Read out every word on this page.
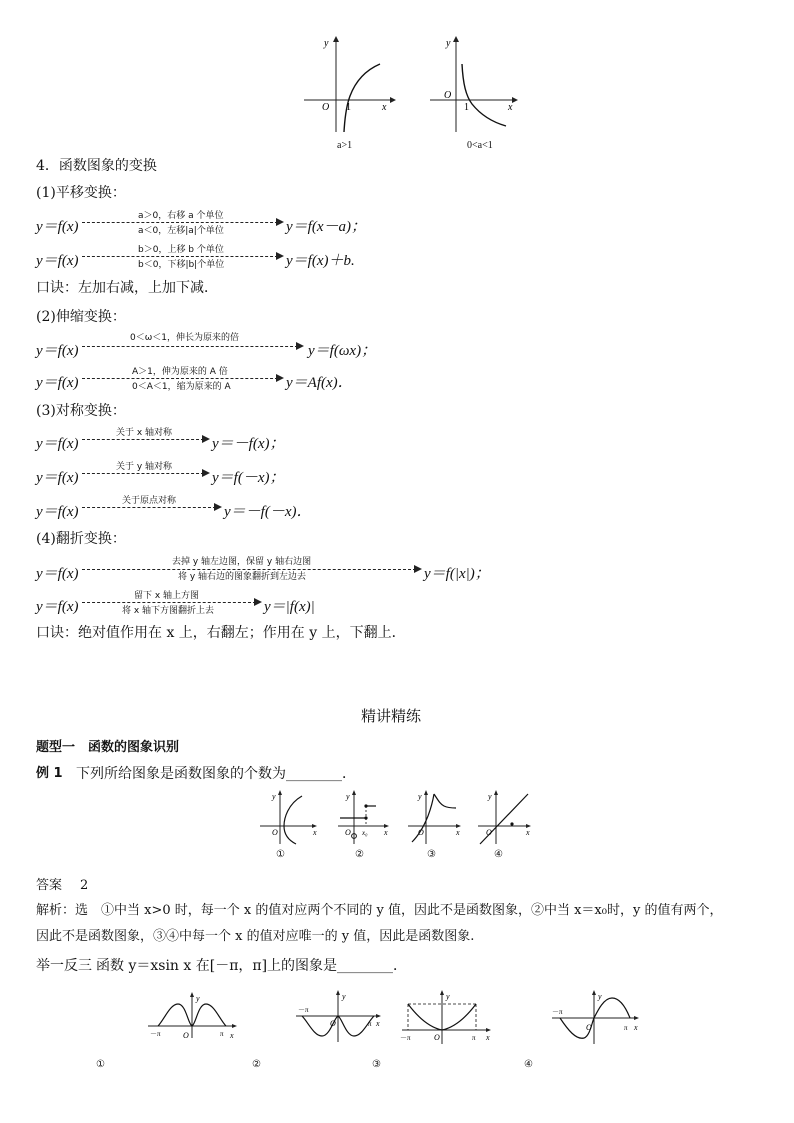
y
x
O 1
a>1
y
x
O
1
0<a<1
4．函数图象的变换
(1)平移变换：
y＝f(x)
a＞0，右移 a 个单位
a＜0，左移|a|个单位	y＝f(x－a)；
y＝f(x)
b＞0，上移 b 个单位
b＜0，下移|b|个单位	y＝f(x)＋b.
口诀：左加右减，上加下减．
(2)伸缩变换：
y＝f(x)
0＜ω＜1，伸长为原来的倍
y＝f(ωx)；
y＝f(x)
A＞1，伸为原来的 A 倍
0＜A＜1，缩为原来的 A	y＝Af(x)．
(3)对称变换：
y＝f(x)
关于 x 轴对称
y＝－f(x)；
y＝f(x)
关于 y 轴对称
y＝f(－x)；
y＝f(x)
关于原点对称
y＝－f(－x)．
(4)翻折变换：
y＝f(x)
去掉 y 轴左边图，保留 y 轴右边图
将 y 轴右边的图象翻折到左边去	y＝f(|x|)；
y＝f(x)
留下 x 轴上方图
将 x 轴下方图翻折上去	y＝|f(x)|
口诀：绝对值作用在 x 上，右翻左；作用在 y 上，下翻上．
精讲精练
题型一　函数的图象识别
例 1 下列所给图象是函数图象的个数为________．
y
x
O
①
y
x
O x₀
②
y
x
O
③
y
x
O
④
答案 2
解析：选　①中当 x>0 时，每一个 x 的值对应两个不同的 y 值，因此不是函数图象，②中当 x＝x₀时，y 的值有两个，
因此不是函数图象，③④中每一个 x 的值对应唯一的 y 值，因此是函数图象.
举一反三 函数 y＝xsin x 在[－π，π]上的图象是________．
y
x
O
－π	π
①
y
x
O
－π
π
②
y
x
O
－π	π
③
y
x
O
－π
π
④
